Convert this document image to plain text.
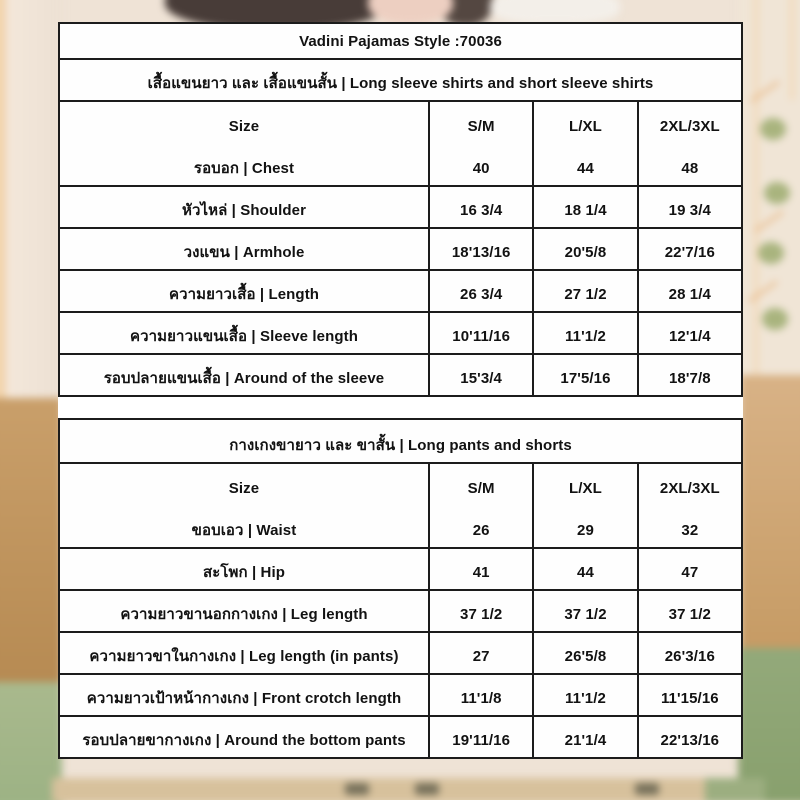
Vadini Pajamas Style :70036
เสื้อแขนยาว และ เสื้อแขนสั้น | Long sleeve shirts and short sleeve shirts
Size	S/M	L/XL	2XL/3XL
รอบอก | Chest	40	44	48
หัวไหล่ | Shoulder	16 3/4	18 1/4	19 3/4
วงแขน | Armhole	18'13/16	20'5/8	22'7/16
ความยาวเสื้อ | Length	26 3/4	27 1/2	28 1/4
ความยาวแขนเสื้อ | Sleeve length	10'11/16	11'1/2	12'1/4
รอบปลายแขนเสื้อ | Around of the sleeve	15'3/4	17'5/16	18'7/8
กางเกงขายาว และ ขาสั้น | Long pants and shorts
Size	S/M	L/XL	2XL/3XL
ขอบเอว | Waist	26	29	32
สะโพก | Hip	41	44	47
ความยาวขานอกกางเกง | Leg length	37 1/2	37 1/2	37 1/2
ความยาวขาในกางเกง | Leg length (in pants)	27	26'5/8	26'3/16
ความยาวเป้าหน้ากางเกง | Front crotch length	11'1/8	11'1/2	11'15/16
รอบปลายขากางเกง | Around the bottom pants	19'11/16	21'1/4	22'13/16
